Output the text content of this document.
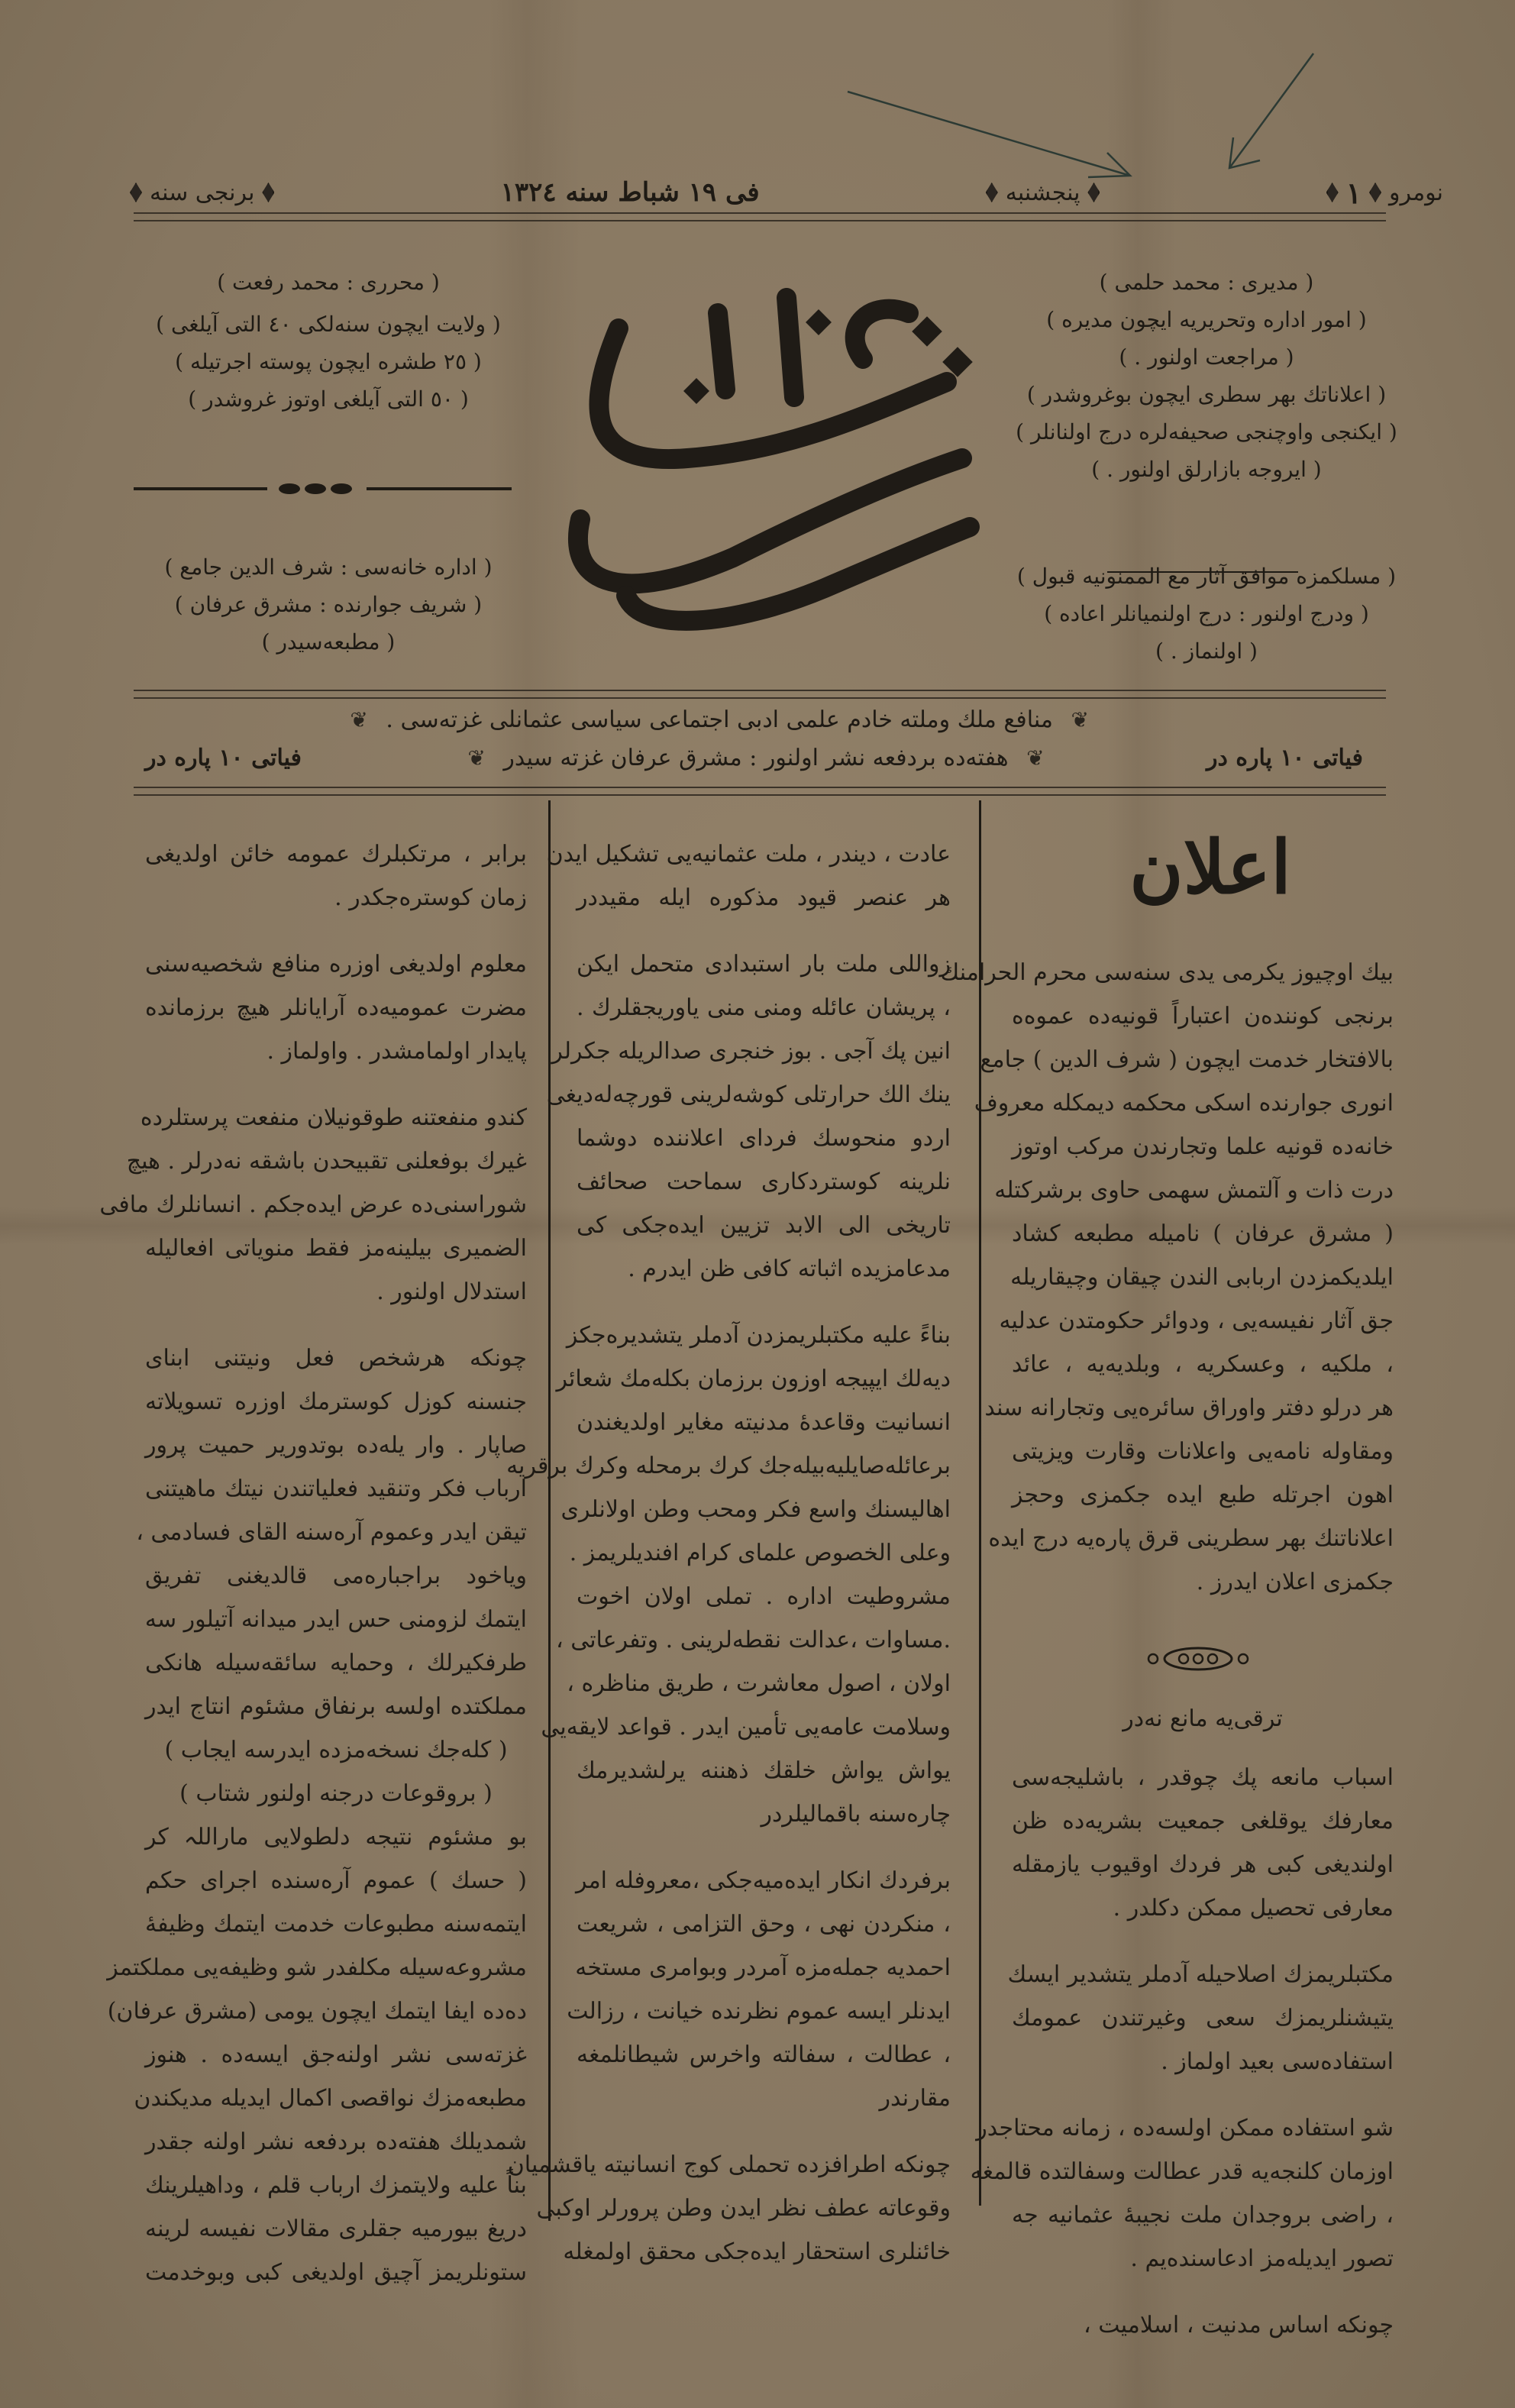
نومرو
١
پنجشنبه
فی ١٩ شباط سنه ١٣٢٤
برنجی سنه
( محرری : محمد رفعت )
( ولایت ایچون سنه‌لکی ٤٠ التی آیلغی )
( ٢٥ طشره ایچون پوسته اجرتیله )
( ٥٠ التی آیلغی اوتوز غروشدر )
( اداره خانه‌سی : شرف الدین جامع )
( شریف جوارنده : مشرق عرفان )
( مطبعه‌سیدر )
( مدیری : محمد حلمی )
( امور اداره وتحریریه ایچون مدیره )
( مراجعت اولنور . )
( اعلاناتك بهر سطری ایچون بوغروشدر )
( ایکنجی واوچنجی صحیفه‌لره درج اولنانلر )
( ایروجه بازارلق اولنور . )
( مسلکمزه موافق آثار مع الممنونیه قبول )
( ودرج اولنور : درج اولنمیانلر اعاده )
( اولنماز . )
❦ منافع ملك وملته خادم علمی ادبی اجتماعی سیاسی عثمانلی غزته‌سی . ❦
فیاتی ١٠ پاره در
❦ هفته‌ده بردفعه نشر اولنور : مشرق عرفان غزته سیدر ❦
فیاتی ١٠ پاره در
اعلان

بیك اوچیوز یکرمی یدی سنه‌سی محرم الحرامنك
برنجی كوننده‌ن اعتباراً قونیه‌ده عموه‌ه
بالافتخار خدمت ایچون ( شرف الدین ) جامع
انوری جوارنده اسکی محکمه دیمکله معروف
خانه‌ده قونیه علما وتجارندن مرکب اوتوز
درت ذات و آلتمش سهمی حاوی برشرکتله
( مشرق عرفان ) نامیله مطبعه کشاد
ایلدیکمزدن اربابی الندن چیقان وچیقاریله
جق آثار نفیسه‌یی ، ودوائر حکومتدن عدلیه
، ملکیه ، وعسکریه ، وبلدیه‌یه ، عائد
هر درلو دفتر واوراق سائره‌یی وتجارانه سند
ومقاوله نامه‌یی واعلانات وقارت ویزیتی
اهون اجرتله طبع ایده جکمزی وحجز
اعلاناتنك بهر سطرینی قرق پاره‌یه درج ایده
جکمزی اعلان ایدرز .

ترقی‌یه مانع نه‌در

اسباب مانعه پك چوقدر ، باشلیجه‌سی
معارفك یوقلغی جمعیت بشریه‌ده ظن
اولندیغی کبی هر فردك اوقیوب یازمقله
معارفی تحصیل ممکن دکلدر .

مکتبلریمزك اصلاحیله آدملر یتشدیر ایسك
یتیشنلریمزك سعی وغیرتندن عمومك
استفاده‌سی بعید اولماز .

شو استفاده ممکن اولسه‌ده ، زمانه محتاجدر
اوزمان کلنجه‌یه قدر عطالت وسفالتده قالمغه
، راضی بروجدان ملت نجیبهٔ عثمانیه جه
تصور ایدیله‌مز ادعاسنده‌یم .

چونکه اساس مدنیت ، اسلامیت ،

عادت ، دیندر ، ملت عثمانیه‌یی تشکیل ایدن
هر عنصر قیود مذکوره ایله مقیددر

زواللی ملت بار استبدادی متحمل ایکن
، پریشان عائله ومنی منی یاوریجقلرك .
انین پك آجی . بوز خنجری صدالریله جکرلر
ینك الك حرارتلی کوشه‌لرینی قورچه‌له‌دیغی
اردو منحوسك فردای اعلاننده دوشما
نلرینه کوستردکاری سماحت صحائف
تاریخی الی الابد تزیین ایده‌جکی کی
مدعامزیده اثباته کافی ظن ایدرم .

بناءً علیه مکتبلریمزدن آدملر یتشدیره‌جکز
دیه‌لك ایپیجه اوزون برزمان بکله‌مك شعائر
انسانیت وقاعدهٔ مدنیته مغایر اولدیغندن
برعائله‌صایلیه‌بیله‌جك کرك برمحله وکرك برقریه
اهالیسنك واسع فکر ومحب وطن اولانلری
وعلی الخصوص علمای کرام افندیلریمز .
مشروطیت اداره . تملی اولان اخوت
.مساوات ،عدالت نقطه‌لرینی . وتفرعاتی ،
اولان ، اصول معاشرت ، طریق مناظره ،
وسلامت عامه‌یی تأمین ایدر . قواعد لایقه‌یی
یواش یواش خلقك ذهننه یرلشدیرمك
چاره‌سنه باقمالیلردر

برفردك انکار ایده‌میه‌جکی ،معروفله امر
، منکردن نهی ، وحق التزامی ، شریعت
احمدیه جمله‌مزه آمردر وبوامری مستخه
ایدنلر ایسه عموم نظرنده خیانت ، رزالت
، عطالت ، سفالته واخرس شیطانلمغه
مقارندر

چونکه اطرافزده تحملی کوج انسانیته یاقشمیان
وقوعاته عطف نظر ایدن وطن پرورلر اوکبی
خائنلری استحقار ایده‌جکی محقق اولمغله

برابر ، مرتکبلرك عمومه خائن اولدیغی
زمان کوستره‌جکدر .

معلوم اولدیغی اوزره منافع شخصیه‌سنی
مضرت عمومیه‌ده آرایانلر هیچ برزمانده
پایدار اولمامشدر . واولماز .

کندو منفعتنه طوقونیلان منفعت پرستلرده
غیرك بوفعلنی تقبیحدن باشقه نه‌درلر . هیچ
شوراسنی‌ده عرض ایده‌جکم . انسانلرك مافی
الضمیری بیلینه‌مز فقط منویاتی افعالیله
استدلال اولنور .

چونکه هرشخص فعل ونیتنی ابنای
جنسنه کوزل کوسترمك اوزره تسویلاته
صاپار . وار یله‌ده بوتدوریر حمیت پرور
ارباب فکر وتنقید فعلیاتندن نیتك ماهیتنی
تیقن ایدر وعموم آره‌سنه القای فسادمی ،
ویاخود براجباره‌می قالدیغنی تفریق
ایتمك لزومنی حس ایدر میدانه آتیلور سه
طرفکیرلك ، وحمایه سائقه‌سیله هانکی
مملکتده اولسه برنفاق مشئوم انتاج ایدر

( کله‌جك نسخه‌مزده ایدرسه ایجاب )
( بروقوعات درجنه اولنور شتاب )

بو مشئوم نتیجه دلطولایی ماراللہ کر
( حسك ) عموم آره‌سنده اجرای حکم
ایتمه‌سنه مطبوعات خدمت ایتمك وظیفهٔ
مشروعه‌سیله مکلفدر شو وظیفه‌یی مملکتمز
ده‌ده ایفا ایتمك ایچون یومی (مشرق عرفان)
غزته‌سی نشر اولنه‌جق ایسه‌ده . هنوز
مطبعه‌مزك نواقصی اکمال ایدیله مدیکندن
شمدیلك هفته‌ده بردفعه نشر اولنه جقدر
بناً علیه ولایتمزك ارباب قلم ، وداهیلرینك
دریغ بیورمیه جقلری مقالات نفیسه لرینه
ستونلریمز آچیق اولدیغی کبی وبوخدمت
